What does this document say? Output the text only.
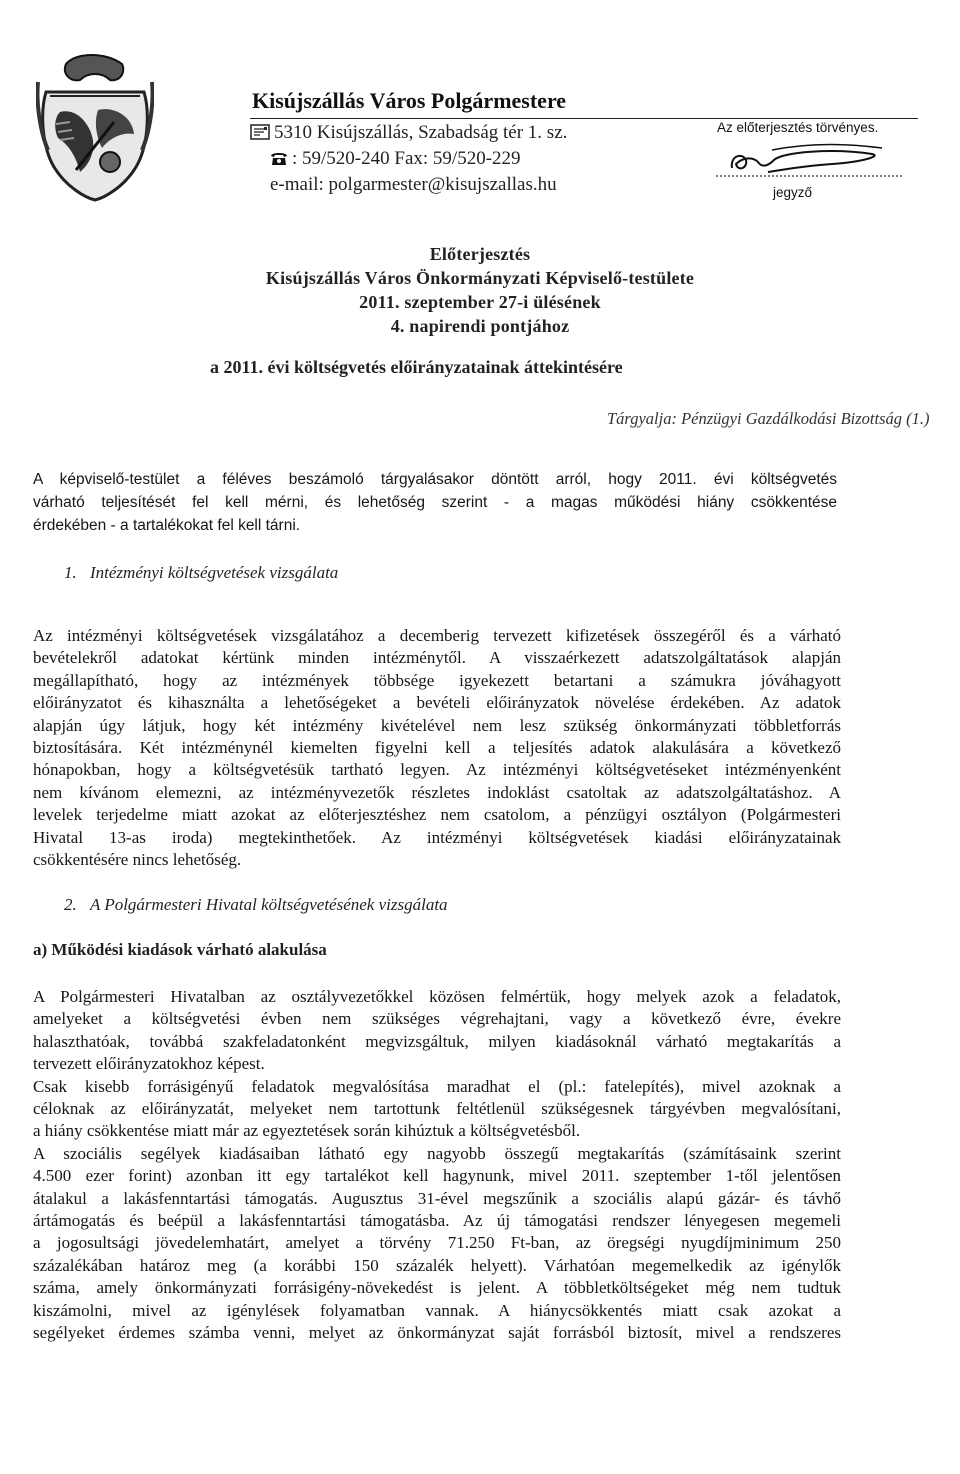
Kisújszállás Város Polgármestere
5310 Kisújszállás, Szabadság tér 1. sz.
: 59/520-240 Fax: 59/520-229
e-mail: polgarmester@kisujszallas.hu
Az előterjesztés törvényes.
jegyző
Előterjesztés
Kisújszállás Város Önkormányzati Képviselő-testülete
2011. szeptember 27-i ülésének
4. napirendi pontjához
a 2011. évi költségvetés előirányzatainak áttekintésére
Tárgyalja: Pénzügyi Gazdálkodási Bizottság (1.)
A képviselő-testület a féléves beszámoló tárgyalásakor döntött arról, hogy 2011. évi költségvetés
várható teljesítését fel kell mérni, és lehetőség szerint - a magas működési hiány csökkentése
érdekében - a tartalékokat fel kell tárni.
1. Intézményi költségvetések vizsgálata
Az intézményi költségvetések vizsgálatához a decemberig tervezett kifizetések összegéről és a várható
bevételekről adatokat kértünk minden intézménytől. A visszaérkezett adatszolgáltatások alapján
megállapítható, hogy az intézmények többsége igyekezett betartani a számukra jóváhagyott
előirányzatot és kihasználta a lehetőségeket a bevételi előirányzatok növelése érdekében. Az adatok
alapján úgy látjuk, hogy két intézmény kivételével nem lesz szükség önkormányzati többletforrás
biztosítására. Két intézménynél kiemelten figyelni kell a teljesítés adatok alakulására a következő
hónapokban, hogy a költségvetésük tartható legyen. Az intézményi költségvetéseket intézményenként
nem kívánom elemezni, az intézményvezetők részletes indoklást csatoltak az adatszolgáltatáshoz. A
levelek terjedelme miatt azokat az előterjesztéshez nem csatolom, a pénzügyi osztályon (Polgármesteri
Hivatal 13-as iroda) megtekinthetőek. Az intézményi költségvetések kiadási előirányzatainak
csökkentésére nincs lehetőség.
2. A Polgármesteri Hivatal költségvetésének vizsgálata
a) Működési kiadások várható alakulása
A Polgármesteri Hivatalban az osztályvezetőkkel közösen felmértük, hogy melyek azok a feladatok,
amelyeket a költségvetési évben nem szükséges végrehajtani, vagy a következő évre, évekre
halaszthatóak, továbbá szakfeladatonként megvizsgáltuk, milyen kiadásoknál várható megtakarítás a
tervezett előirányzatokhoz képest.
Csak kisebb forrásigényű feladatok megvalósítása maradhat el (pl.: fatelepítés), mivel azoknak a
céloknak az előirányzatát, melyeket nem tartottunk feltétlenül szükségesnek tárgyévben megvalósítani,
a hiány csökkentése miatt már az egyeztetések során kihúztuk a költségvetésből.
A szociális segélyek kiadásaiban látható egy nagyobb összegű megtakarítás (számításaink szerint
4.500 ezer forint) azonban itt egy tartalékot kell hagynunk, mivel 2011. szeptember 1-től jelentősen
átalakul a lakásfenntartási támogatás. Augusztus 31-ével megszűnik a szociális alapú gázár- és távhő
ártámogatás és beépül a lakásfenntartási támogatásba. Az új támogatási rendszer lényegesen megemeli
a jogosultsági jövedelemhatárt, amelyet a törvény 71.250 Ft-ban, az öregségi nyugdíjminimum 250
százalékában határoz meg (a korábbi 150 százalék helyett). Várhatóan megemelkedik az igénylők
száma, amely önkormányzati forrásigény-növekedést is jelent. A többletköltségeket még nem tudtuk
kiszámolni, mivel az igénylések folyamatban vannak. A hiánycsökkentés miatt csak azokat a
segélyeket érdemes számba venni, melyet az önkormányzat saját forrásból biztosít, mivel a rendszeres
